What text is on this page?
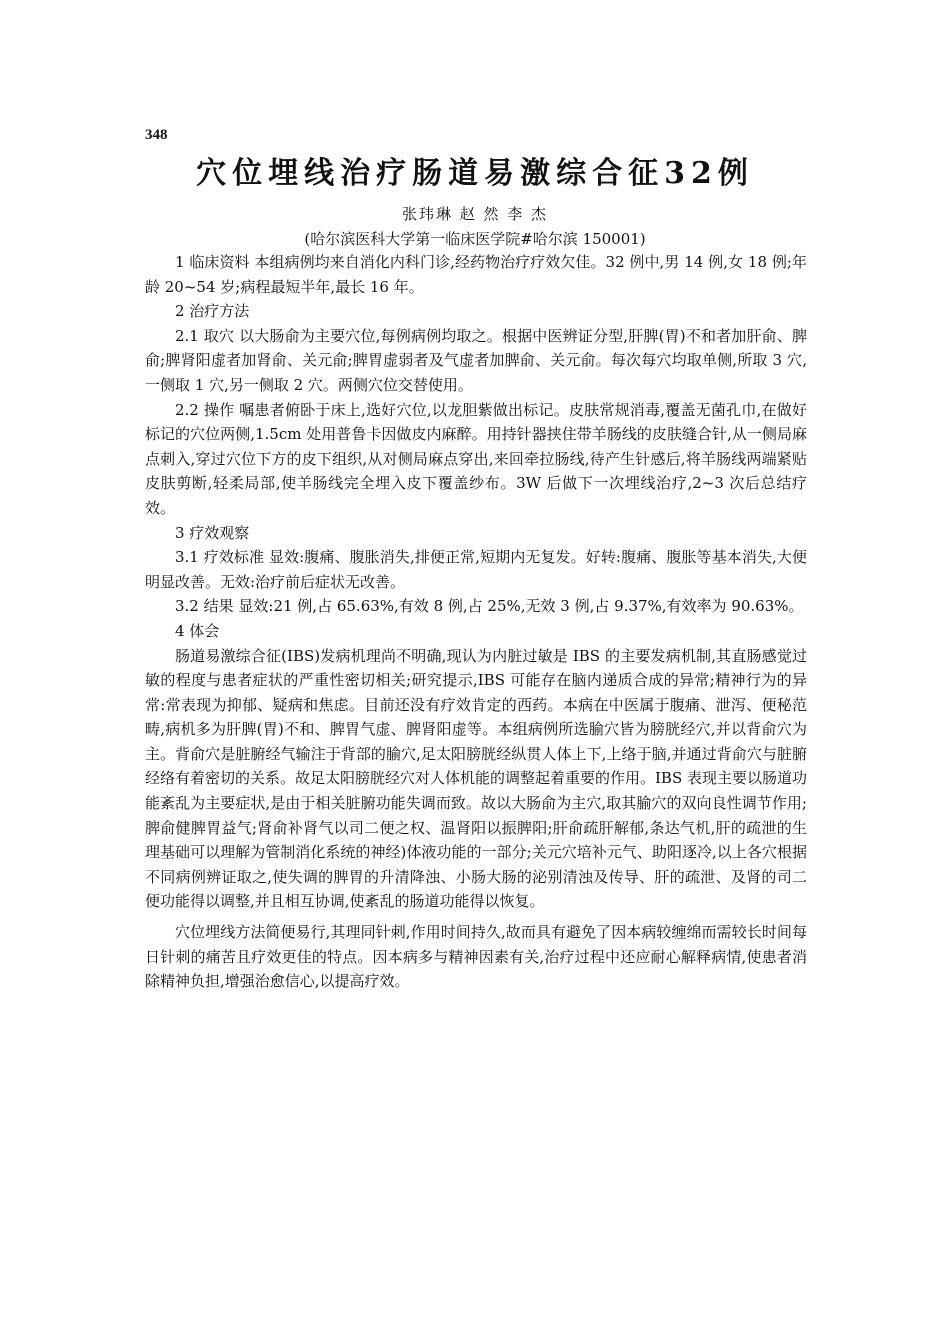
348
穴位埋线治疗肠道易激综合征32例
张玮琳 赵 然 李 杰
(哈尔滨医科大学第一临床医学院#哈尔滨 150001)

1 临床资料 本组病例均来自消化内科门诊,经药物治疗疗效欠佳。32 例中,男 14 例,女 18 例;年龄 20~54 岁;病程最短半年,最长 16 年。

2 治疗方法

2.1 取穴 以大肠俞为主要穴位,每例病例均取之。根据中医辨证分型,肝脾(胃)不和者加肝俞、脾俞;脾肾阳虚者加肾俞、关元俞;脾胃虚弱者及气虚者加脾俞、关元俞。每次每穴均取单侧,所取 3 穴,一侧取 1 穴,另一侧取 2 穴。两侧穴位交替使用。

2.2 操作 嘱患者俯卧于床上,选好穴位,以龙胆紫做出标记。皮肤常规消毒,覆盖无菌孔巾,在做好标记的穴位两侧,1.5cm 处用普鲁卡因做皮内麻醉。用持针器挟住带羊肠线的皮肤缝合针,从一侧局麻点刺入,穿过穴位下方的皮下组织,从对侧局麻点穿出,来回牵拉肠线,待产生针感后,将羊肠线两端紧贴皮肤剪断,轻柔局部,使羊肠线完全埋入皮下覆盖纱布。3W 后做下一次埋线治疗,2~3 次后总结疗效。

3 疗效观察

3.1 疗效标准 显效:腹痛、腹胀消失,排便正常,短期内无复发。好转:腹痛、腹胀等基本消失,大便明显改善。无效:治疗前后症状无改善。

3.2 结果 显效:21 例,占 65.63%,有效 8 例,占 25%,无效 3 例,占 9.37%,有效率为 90.63%。

4 体会

肠道易激综合征(IBS)发病机理尚不明确,现认为内脏过敏是 IBS 的主要发病机制,其直肠感觉过敏的程度与患者症状的严重性密切相关;研究提示,IBS 可能存在脑内递质合成的异常;精神行为的异常:常表现为抑郁、疑病和焦虑。目前还没有疗效肯定的西药。本病在中医属于腹痛、泄泻、便秘范畴,病机多为肝脾(胃)不和、脾胃气虚、脾肾阳虚等。本组病例所选腧穴皆为膀胱经穴,并以背俞穴为主。背俞穴是脏腑经气输注于背部的腧穴,足太阳膀胱经纵贯人体上下,上络于脑,并通过背俞穴与脏腑经络有着密切的关系。故足太阳膀胱经穴对人体机能的调整起着重要的作用。IBS 表现主要以肠道功能紊乱为主要症状,是由于相关脏腑功能失调而致。故以大肠俞为主穴,取其腧穴的双向良性调节作用;脾俞健脾胃益气;肾俞补肾气以司二便之权、温肾阳以振脾阳;肝俞疏肝解郁,条达气机,肝的疏泄的生理基础可以理解为管制消化系统的神经)体液功能的一部分;关元穴培补元气、助阳逐冷,以上各穴根据不同病例辨证取之,使失调的脾胃的升清降浊、小肠大肠的泌别清浊及传导、肝的疏泄、及肾的司二便功能得以调整,并且相互协调,使紊乱的肠道功能得以恢复。

穴位埋线方法简便易行,其理同针刺,作用时间持久,故而具有避免了因本病较缠绵而需较长时间每日针刺的痛苦且疗效更佳的特点。因本病多与精神因素有关,治疗过程中还应耐心解释病情,使患者消除精神负担,增强治愈信心,以提高疗效。
